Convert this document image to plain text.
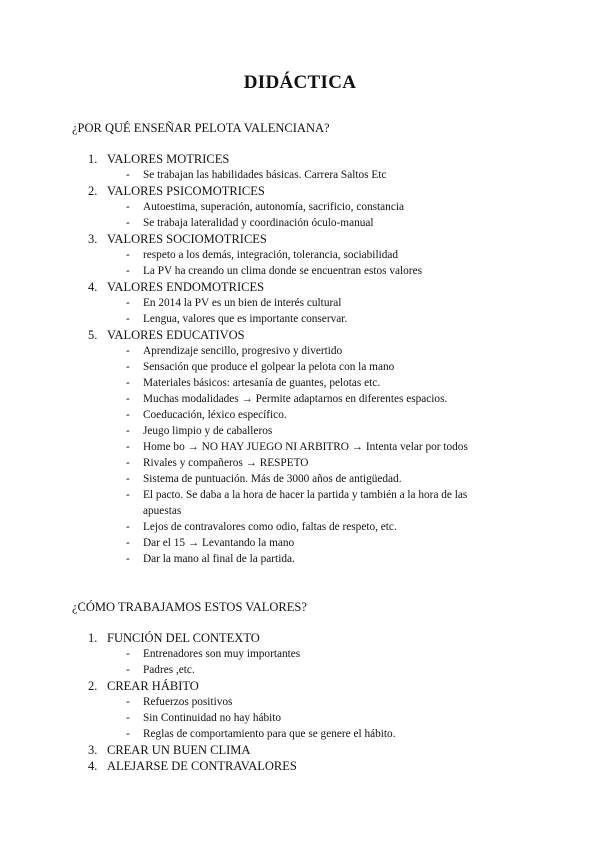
DIDÁCTICA
¿POR QUÉ ENSEÑAR PELOTA VALENCIANA?
1. VALORES MOTRICES
-	Se trabajan las habilidades básicas. Carrera Saltos Etc
2. VALORES PSICOMOTRICES
-	Autoestima, superación, autonomía, sacrificio, constancia
-	Se trabaja lateralidad y coordinación óculo-manual
3. VALORES SOCIOMOTRICES
-	respeto a los demás, integración, tolerancia, sociabilidad
-	La PV ha creando un clima donde se encuentran estos valores
4. VALORES ENDOMOTRICES
-	En 2014 la PV es un bien de interés cultural
-	Lengua, valores que es importante conservar.
5. VALORES EDUCATIVOS
-	Aprendizaje sencillo, progresivo y divertido
-	Sensación que produce el golpear la pelota con la mano
-	Materiales básicos: artesanía de guantes, pelotas etc.
-	Muchas modalidades → Permite adaptarnos en diferentes espacios.
-	Coeducación, léxico específico.
-	Jeugo limpio y de caballeros
-	Home bo → NO HAY JUEGO NI ARBITRO → Intenta velar por todos
-	Rivales y compañeros → RESPETO
-	Sistema de puntuación. Más de 3000 años de antigüedad.
-	El pacto. Se daba a la hora de hacer la partida y también a la hora de las apuestas
-	Lejos de contravalores como odio, faltas de respeto, etc.
-	Dar el 15 → Levantando la mano
-	Dar la mano al final de la partida.
¿CÓMO TRABAJAMOS ESTOS VALORES?
1. FUNCIÓN DEL CONTEXTO
-	Entrenadores son muy importantes
-	Padres ,etc.
2. CREAR HÁBITO
-	Refuerzos positivos
-	Sin Continuidad no hay hábito
-	Reglas de comportamiento para que se genere el hábito.
3. CREAR UN BUEN CLIMA
4. ALEJARSE DE CONTRAVALORES
